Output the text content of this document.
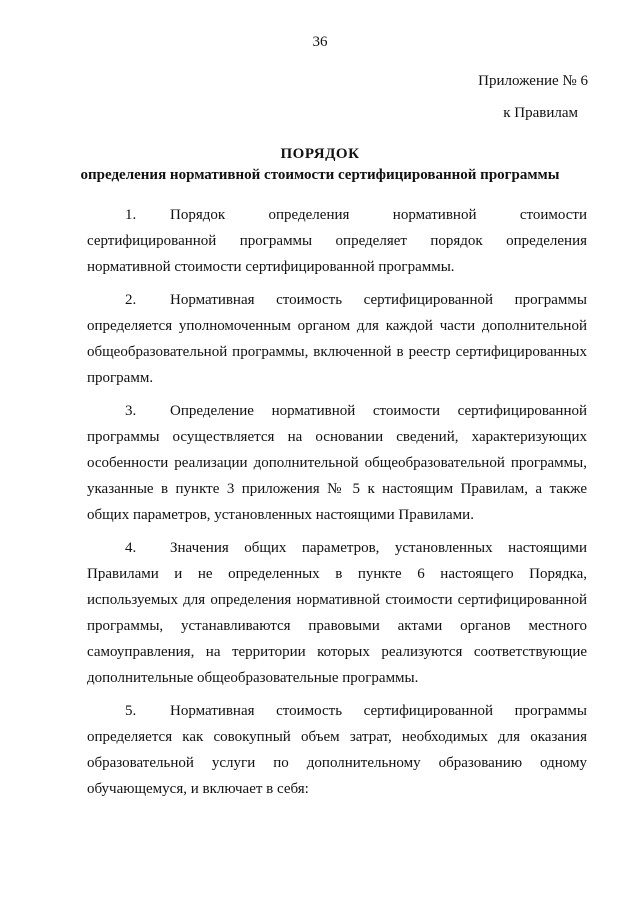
36
Приложение № 6
к Правилам
ПОРЯДОК
определения нормативной стоимости сертифицированной программы

1. Порядок определения нормативной стоимости сертифицированной программы определяет порядок определения нормативной стоимости сертифицированной программы.

2. Нормативная стоимость сертифицированной программы определяется уполномоченным органом для каждой части дополнительной общеобразовательной программы, включенной в реестр сертифицированных программ.

3. Определение нормативной стоимости сертифицированной программы осуществляется на основании сведений, характеризующих особенности реализации дополнительной общеобразовательной программы, указанные в пункте 3 приложения № 5 к настоящим Правилам, а также общих параметров, установленных настоящими Правилами.

4. Значения общих параметров, установленных настоящими Правилами и не определенных в пункте 6 настоящего Порядка, используемых для определения нормативной стоимости сертифицированной программы, устанавливаются правовыми актами органов местного самоуправления, на территории которых реализуются соответствующие дополнительные общеобразовательные программы.

5. Нормативная стоимость сертифицированной программы определяется как совокупный объем затрат, необходимых для оказания образовательной услуги по дополнительному образованию одному обучающемуся, и включает в себя:
